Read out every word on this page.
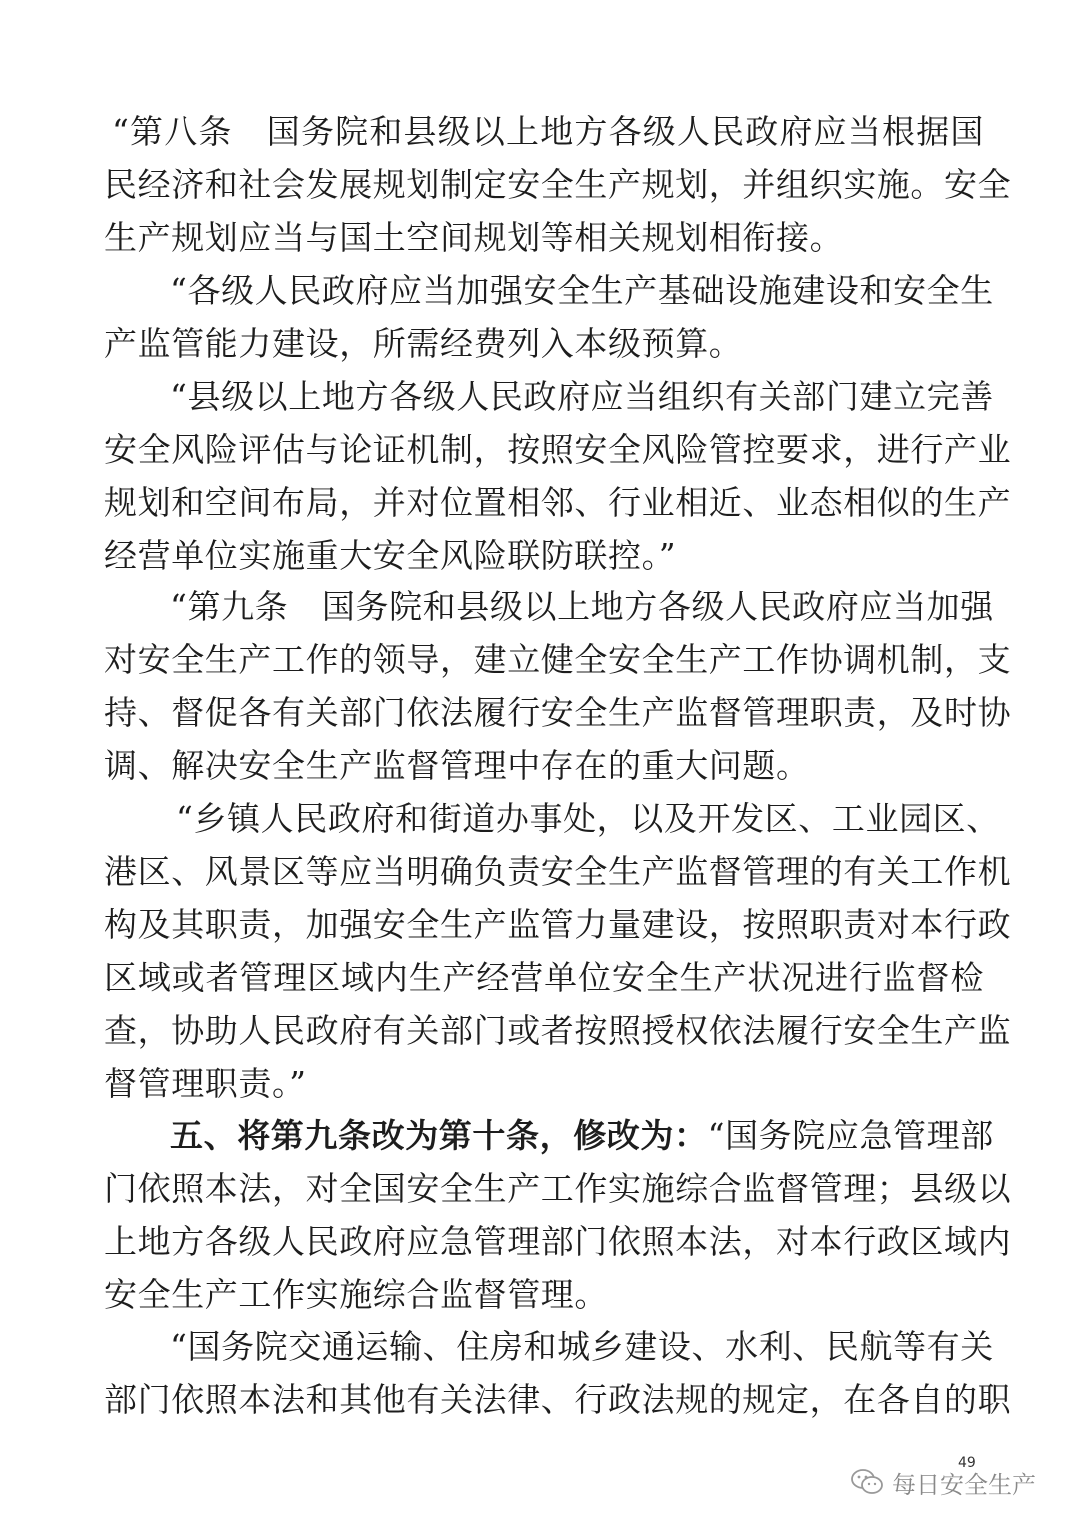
“第八条　国务院和县级以上地方各级人民政府应当根据国
民经济和社会发展规划制定安全生产规划，并组织实施。安全
生产规划应当与国土空间规划等相关规划相衔接。
“各级人民政府应当加强安全生产基础设施建设和安全生
产监管能力建设，所需经费列入本级预算。
“县级以上地方各级人民政府应当组织有关部门建立完善
安全风险评估与论证机制，按照安全风险管控要求，进行产业
规划和空间布局，并对位置相邻、行业相近、业态相似的生产
经营单位实施重大安全风险联防联控。”
“第九条　国务院和县级以上地方各级人民政府应当加强
对安全生产工作的领导，建立健全安全生产工作协调机制，支
持、督促各有关部门依法履行安全生产监督管理职责，及时协
调、解决安全生产监督管理中存在的重大问题。
“乡镇人民政府和街道办事处，以及开发区、工业园区、
港区、风景区等应当明确负责安全生产监督管理的有关工作机
构及其职责，加强安全生产监管力量建设，按照职责对本行政
区域或者管理区域内生产经营单位安全生产状况进行监督检
查，协助人民政府有关部门或者按照授权依法履行安全生产监
督管理职责。”
五、将第九条改为第十条，修改为：“国务院应急管理部
门依照本法，对全国安全生产工作实施综合监督管理；县级以
上地方各级人民政府应急管理部门依照本法，对本行政区域内
安全生产工作实施综合监督管理。
“国务院交通运输、住房和城乡建设、水利、民航等有关
部门依照本法和其他有关法律、行政法规的规定，在各自的职
49
每日安全生产
